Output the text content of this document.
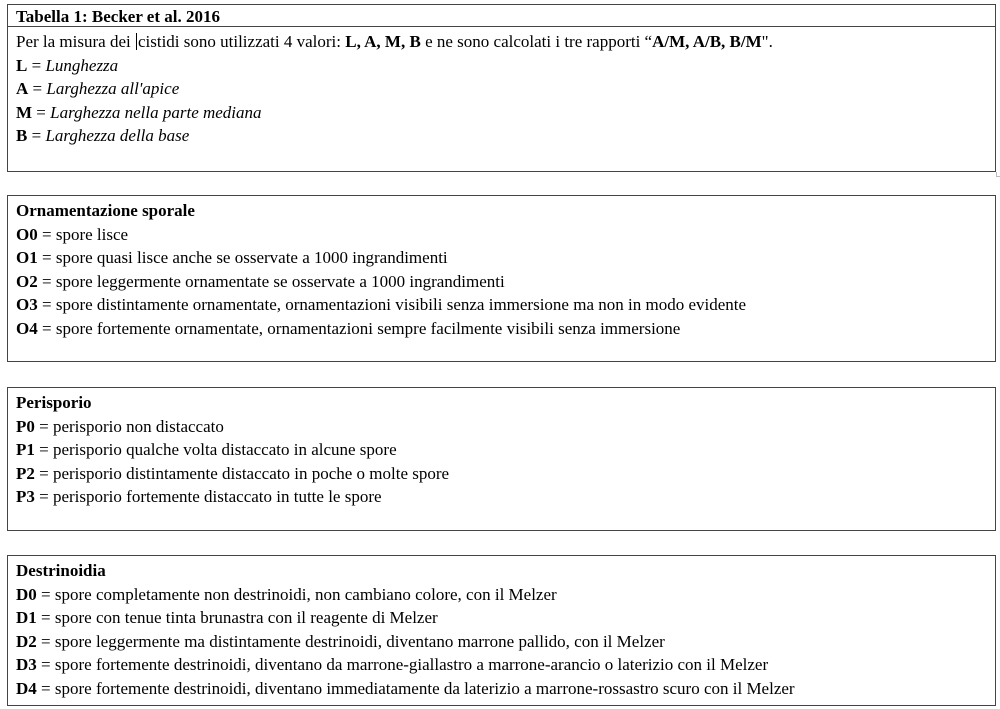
Tabella 1: Becker et al. 2016
Per la misura dei cistidi sono utilizzati 4 valori: L, A, M, B e ne sono calcolati i tre rapporti “A/M, A/B, B/M".
L = Lunghezza
A = Larghezza all'apice
M = Larghezza nella parte mediana
B = Larghezza della base
Ornamentazione sporale
O0 = spore lisce
O1 = spore quasi lisce anche se osservate a 1000 ingrandimenti
O2 = spore leggermente ornamentate se osservate a 1000 ingrandimenti
O3 = spore distintamente ornamentate, ornamentazioni visibili senza immersione ma non in modo evidente
O4 = spore fortemente ornamentate, ornamentazioni sempre facilmente visibili senza immersione
Perisporio
P0 = perisporio non distaccato
P1 = perisporio qualche volta distaccato in alcune spore
P2 = perisporio distintamente distaccato in poche o molte spore
P3 = perisporio fortemente distaccato in tutte le spore
Destrinoidia
D0 = spore completamente non destrinoidi, non cambiano colore, con il Melzer
D1 = spore con tenue tinta brunastra con il reagente di Melzer
D2 = spore leggermente ma distintamente destrinoidi, diventano marrone pallido, con il Melzer
D3 = spore fortemente destrinoidi, diventano da marrone-giallastro a marrone-arancio o laterizio con il Melzer
D4 = spore fortemente destrinoidi, diventano immediatamente da laterizio a marrone-rossastro scuro con il Melzer
